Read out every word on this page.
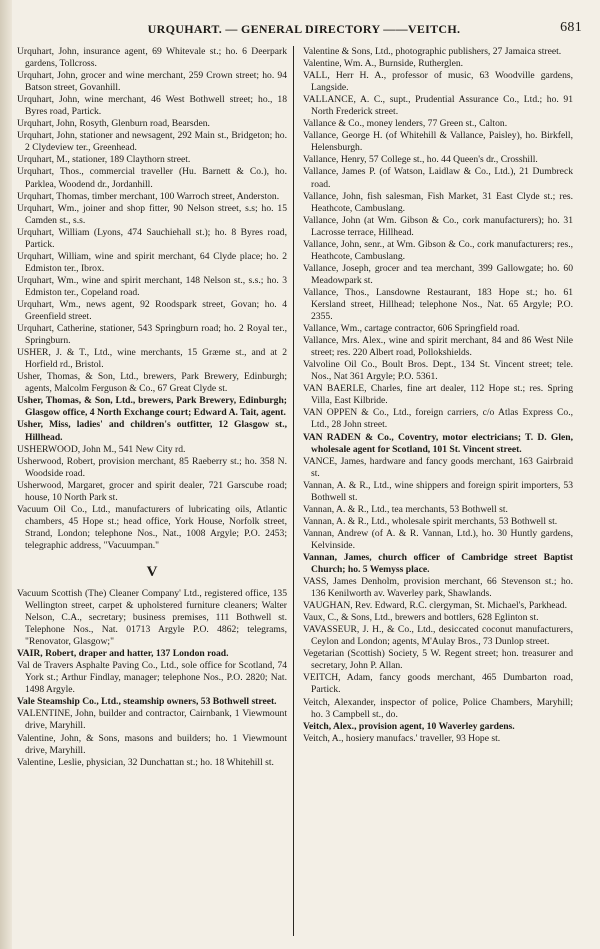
URQUHART. — GENERAL DIRECTORY ——VEITCH.	681

Urquhart, John, insurance agent, 69 Whitevale st.; ho. 6 Deerpark gardens, Tollcross.

Urquhart, John, grocer and wine merchant, 259 Crown street; ho. 94 Batson street, Govanhill.

Urquhart, John, wine merchant, 46 West Bothwell street; ho., 18 Byres road, Partick.

Urquhart, John, Rosyth, Glenburn road, Bearsden.

Urquhart, John, stationer and newsagent, 292 Main st., Bridgeton; ho. 2 Clydeview ter., Greenhead.

Urquhart, M., stationer, 189 Claythorn street.

Urquhart, Thos., commercial traveller (Hu. Barnett & Co.), ho. Parklea, Woodend dr., Jordanhill.

Urquhart, Thomas, timber merchant, 100 Warroch street, Anderston.

Urquhart, Wm., joiner and shop fitter, 90 Nelson street, s.s; ho. 15 Camden st., s.s.

Urquhart, William (Lyons, 474 Sauchiehall st.); ho. 8 Byres road, Partick.

Urquhart, William, wine and spirit merchant, 64 Clyde place; ho. 2 Edmiston ter., Ibrox.

Urquhart, Wm., wine and spirit merchant, 148 Nelson st., s.s.; ho. 3 Edmiston ter., Copeland road.

Urquhart, Wm., news agent, 92 Roodspark street, Govan; ho. 4 Greenfield street.

Urquhart, Catherine, stationer, 543 Springburn road; ho. 2 Royal ter., Springburn.

USHER, J. & T., Ltd., wine merchants, 15 Græme st., and at 2 Horfield rd., Bristol.

Usher, Thomas, & Son, Ltd., brewers, Park Brewery, Edinburgh; agents, Malcolm Ferguson & Co., 67 Great Clyde st.

Usher, Thomas, & Son, Ltd., brewers, Park Brewery, Edinburgh; Glasgow office, 4 North Exchange court; Edward A. Tait, agent.

Usher, Miss, ladies' and children's outfitter, 12 Glasgow st., Hillhead.

USHERWOOD, John M., 541 New City rd.

Usherwood, Robert, provision merchant, 85 Raeberry st.; ho. 358 N. Woodside road.

Usherwood, Margaret, grocer and spirit dealer, 721 Garscube road; house, 10 North Park st.

Vacuum Oil Co., Ltd., manufacturers of lubricating oils, Atlantic chambers, 45 Hope st.; head office, York House, Norfolk street, Strand, London; telephone Nos., Nat., 1008 Argyle; P.O. 2453; telegraphic address, "Vacuumpan."

V

Vacuum Scottish (The) Cleaner Company' Ltd., registered office, 135 Wellington street, carpet & upholstered furniture cleaners; Walter Nelson, C.A., secretary; business premises, 111 Bothwell st. Telephone Nos., Nat. 01713 Argyle P.O. 4862; telegrams, "Renovator, Glasgow;"

VAIR, Robert, draper and hatter, 137 London road.

Val de Travers Asphalte Paving Co., Ltd., sole office for Scotland, 74 York st.; Arthur Findlay, manager; telephone Nos., P.O. 2820; Nat. 1498 Argyle.

Vale Steamship Co., Ltd., steamship owners, 53 Bothwell street.

VALENTINE, John, builder and contractor, Cairnbank, 1 Viewmount drive, Maryhill.

Valentine, John, & Sons, masons and builders; ho. 1 Viewmount drive, Maryhill.

Valentine, Leslie, physician, 32 Dunchattan st.; ho. 18 Whitehill st.

Valentine & Sons, Ltd., photographic publishers, 27 Jamaica street.

Valentine, Wm. A., Burnside, Rutherglen.

VALL, Herr H. A., professor of music, 63 Woodville gardens, Langside.

VALLANCE, A. C., supt., Prudential Assurance Co., Ltd.; ho. 91 North Frederick street.

Vallance & Co., money lenders, 77 Green st., Calton.

Vallance, George H. (of Whitehill & Vallance, Paisley), ho. Birkfell, Helensburgh.

Vallance, Henry, 57 College st., ho. 44 Queen's dr., Crosshill.

Vallance, James P. (of Watson, Laidlaw & Co., Ltd.), 21 Dumbreck road.

Vallance, John, fish salesman, Fish Market, 31 East Clyde st.; res. Heathcote, Cambuslang.

Vallance, John (at Wm. Gibson & Co., cork manufacturers); ho. 31 Lacrosse terrace, Hillhead.

Vallance, John, senr., at Wm. Gibson & Co., cork manufacturers; res., Heathcote, Cambuslang.

Vallance, Joseph, grocer and tea merchant, 399 Gallowgate; ho. 60 Meadowpark st.

Vallance, Thos., Lansdowne Restaurant, 183 Hope st.; ho. 61 Kersland street, Hillhead; telephone Nos., Nat. 65 Argyle; P.O. 2355.

Vallance, Wm., cartage contractor, 606 Springfield road.

Vallance, Mrs. Alex., wine and spirit merchant, 84 and 86 West Nile street; res. 220 Albert road, Pollokshields.

Valvoline Oil Co., Boult Bros. Dept., 134 St. Vincent street; tele. Nos., Nat 361 Argyle; P.O. 5361.

VAN BAERLE, Charles, fine art dealer, 112 Hope st.; res. Spring Villa, East Kilbride.

VAN OPPEN & Co., Ltd., foreign carriers, c/o Atlas Express Co., Ltd., 28 John street.

VAN RADEN & Co., Coventry, motor electricians; T. D. Glen, wholesale agent for Scotland, 101 St. Vincent street.

VANCE, James, hardware and fancy goods merchant, 163 Gairbraid st.

Vannan, A. & R., Ltd., wine shippers and foreign spirit importers, 53 Bothwell st.

Vannan, A. & R., Ltd., tea merchants, 53 Bothwell st.

Vannan, A. & R., Ltd., wholesale spirit merchants, 53 Bothwell st.

Vannan, Andrew (of A. & R. Vannan, Ltd.), ho. 30 Huntly gardens, Kelvinside.

Vannan, James, church officer of Cambridge street Baptist Church; ho. 5 Wemyss place.

VASS, James Denholm, provision merchant, 66 Stevenson st.; ho. 136 Kenilworth av. Waverley park, Shawlands.

VAUGHAN, Rev. Edward, R.C. clergyman, St. Michael's, Parkhead.

Vaux, C., & Sons, Ltd., brewers and bottlers, 628 Eglinton st.

VAVASSEUR, J. H., & Co., Ltd., desiccated coconut manufacturers, Ceylon and London; agents, M'Aulay Bros., 73 Dunlop street.

Vegetarian (Scottish) Society, 5 W. Regent street; hon. treasurer and secretary, John P. Allan.

VEITCH, Adam, fancy goods merchant, 465 Dumbarton road, Partick.

Veitch, Alexander, inspector of police, Police Chambers, Maryhill; ho. 3 Campbell st., do.

Veitch, Alex., provision agent, 10 Waverley gardens.

Veitch, A., hosiery manufacs.' traveller, 93 Hope st.
